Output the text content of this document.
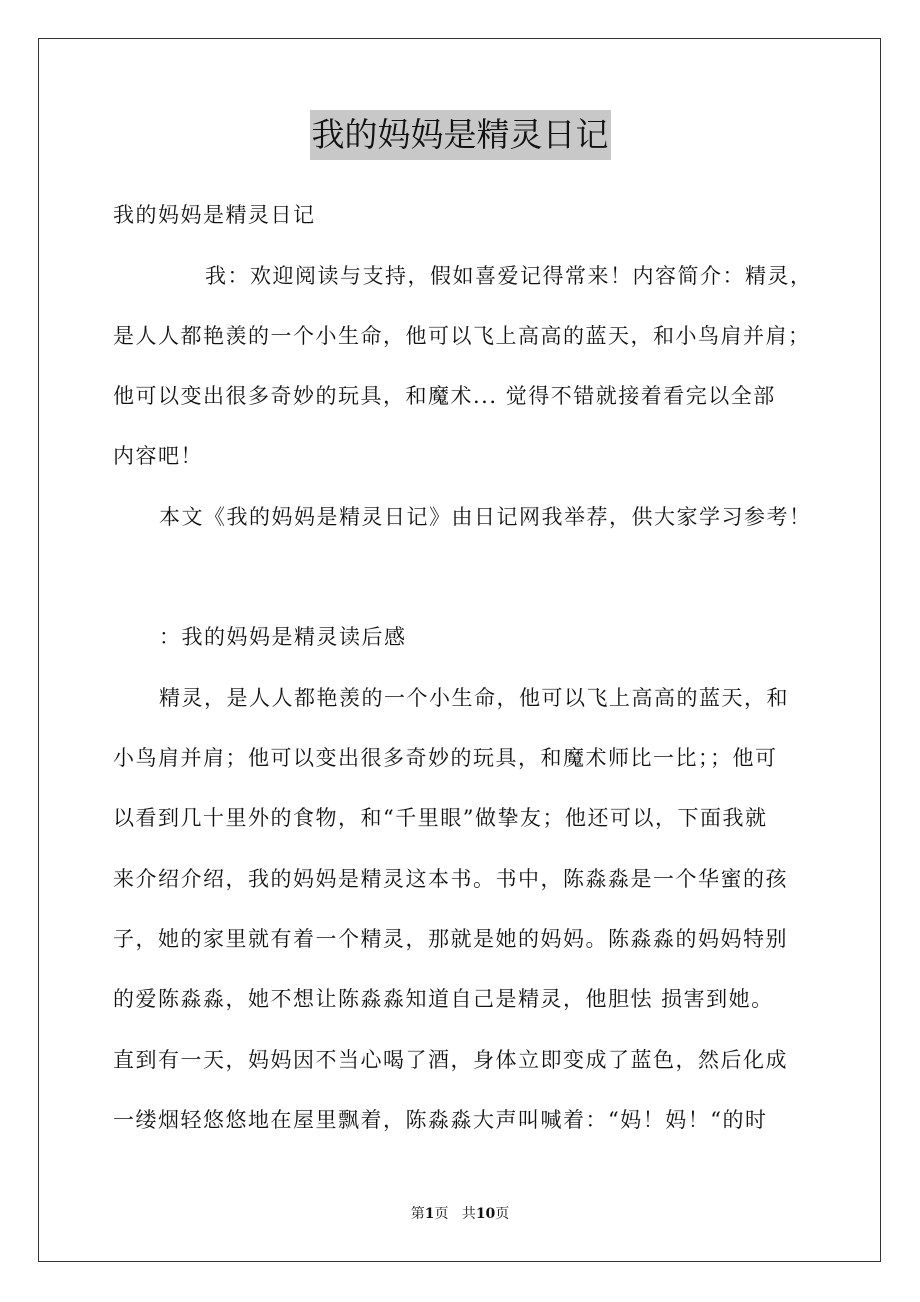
我的妈妈是精灵日记
我的妈妈是精灵日记
我：欢迎阅读与支持，假如喜爱记得常来！内容简介：精灵，
是人人都艳羡的一个小生命，他可以飞上高高的蓝天，和小鸟肩并肩；
他可以变出很多奇妙的玩具，和魔术... 觉得不错就接着看完以全部
内容吧！
本文《我的妈妈是精灵日记》由日记网我举荐，供大家学习参考！
：我的妈妈是精灵读后感
精灵，是人人都艳羡的一个小生命，他可以飞上高高的蓝天，和
小鸟肩并肩；他可以变出很多奇妙的玩具，和魔术师比一比；；他可
以看到几十里外的食物，和“千里眼”做挚友；他还可以，下面我就
来介绍介绍，我的妈妈是精灵这本书。书中，陈淼淼是一个华蜜的孩
子，她的家里就有着一个精灵，那就是她的妈妈。陈淼淼的妈妈特别
的爱陈淼淼，她不想让陈淼淼知道自己是精灵，他胆怯 损害到她。
直到有一天，妈妈因不当心喝了酒，身体立即变成了蓝色，然后化成
一缕烟轻悠悠地在屋里飘着，陈淼淼大声叫喊着：“妈！妈！“的时
第1页 共10页
